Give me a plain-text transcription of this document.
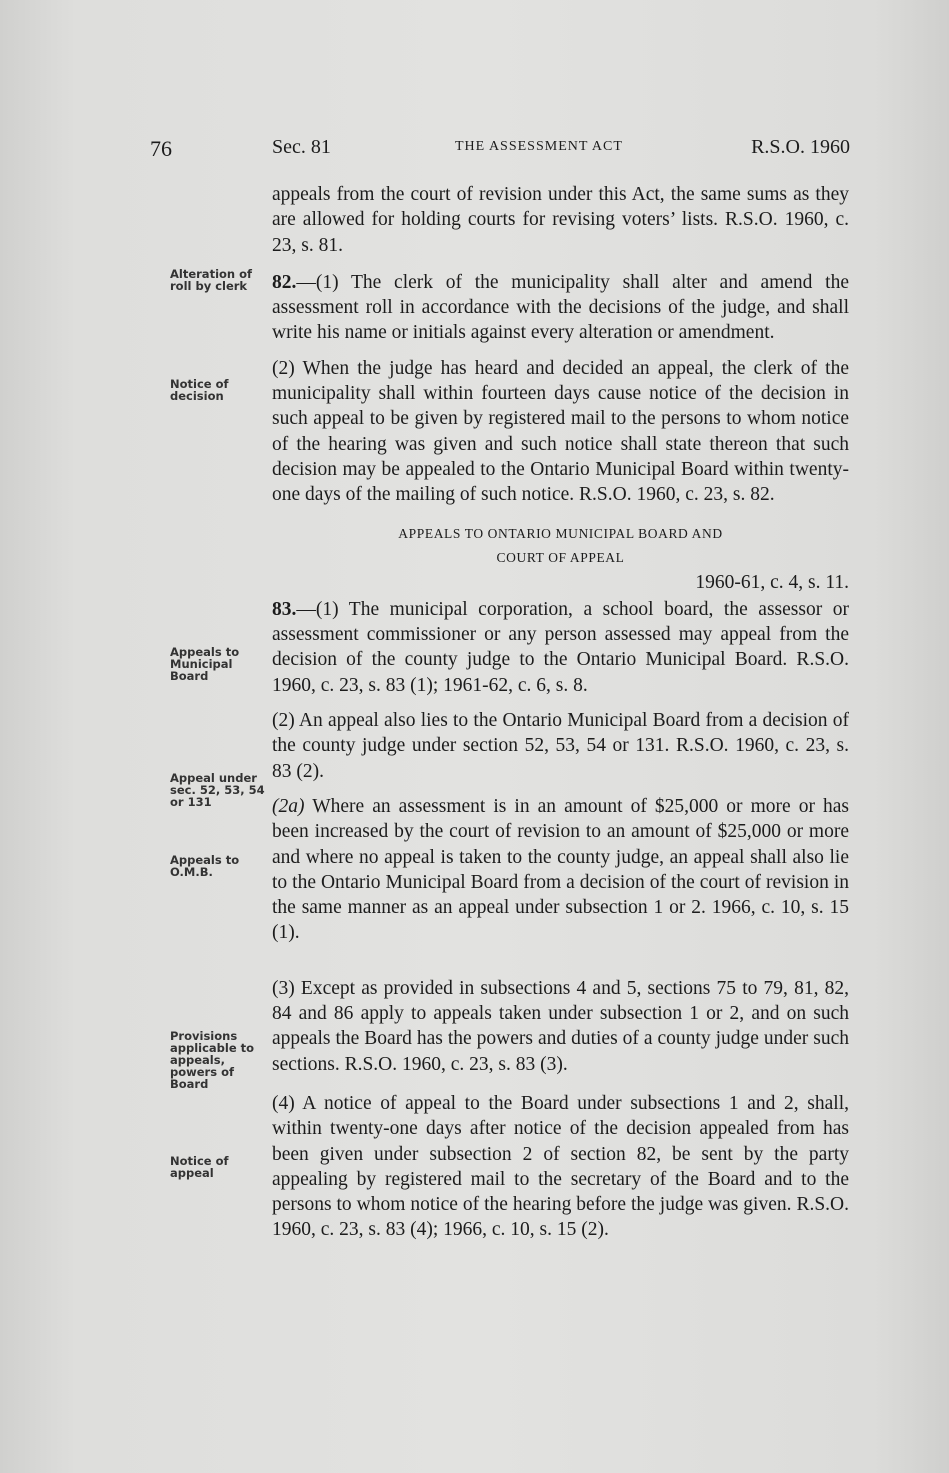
76	Sec. 81	THE ASSESSMENT ACT	R.S.O. 1960
Alteration of roll by clerk
Notice of decision
Appeals to Municipal Board
Appeal under sec. 52, 53, 54 or 131
Appeals to O.M.B.
Provisions applicable to appeals, powers of Board
Notice of appeal

appeals from the court of revision under this Act, the same sums as they are allowed for holding courts for revising voters’ lists. R.S.O. 1960, c. 23, s. 81.

82.—(1) The clerk of the municipality shall alter and amend the assessment roll in accordance with the decisions of the judge, and shall write his name or initials against every alteration or amendment.

(2) When the judge has heard and decided an appeal, the clerk of the municipality shall within fourteen days cause notice of the decision in such appeal to be given by registered mail to the persons to whom notice of the hearing was given and such notice shall state thereon that such decision may be appealed to the Ontario Municipal Board within twenty-one days of the mailing of such notice. R.S.O. 1960, c. 23, s. 82.

APPEALS TO ONTARIO MUNICIPAL BOARD AND

COURT OF APPEAL

1960-61, c. 4, s. 11.

83.—(1) The municipal corporation, a school board, the assessor or assessment commissioner or any person assessed may appeal from the decision of the county judge to the Ontario Municipal Board. R.S.O. 1960, c. 23, s. 83 (1); 1961-62, c. 6, s. 8.

(2) An appeal also lies to the Ontario Municipal Board from a decision of the county judge under section 52, 53, 54 or 131. R.S.O. 1960, c. 23, s. 83 (2).

(2a) Where an assessment is in an amount of $25,000 or more or has been increased by the court of revision to an amount of $25,000 or more and where no appeal is taken to the county judge, an appeal shall also lie to the Ontario Municipal Board from a decision of the court of revision in the same manner as an appeal under subsection 1 or 2. 1966, c. 10, s. 15 (1).

(3) Except as provided in subsections 4 and 5, sections 75 to 79, 81, 82, 84 and 86 apply to appeals taken under subsection 1 or 2, and on such appeals the Board has the powers and duties of a county judge under such sections. R.S.O. 1960, c. 23, s. 83 (3).

(4) A notice of appeal to the Board under subsections 1 and 2, shall, within twenty-one days after notice of the decision appealed from has been given under subsection 2 of section 82, be sent by the party appealing by registered mail to the secretary of the Board and to the persons to whom notice of the hearing before the judge was given. R.S.O. 1960, c. 23, s. 83 (4); 1966, c. 10, s. 15 (2).
